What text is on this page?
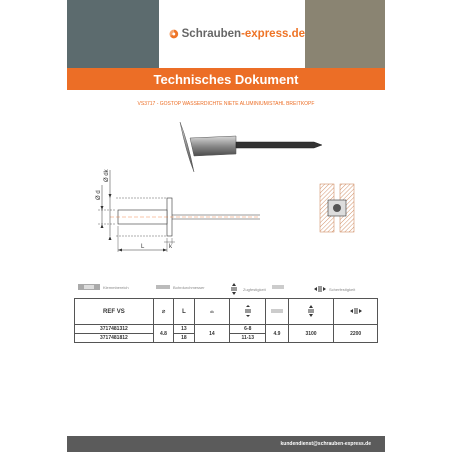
Schrauben-express.de
Technisches Dokument
VS3717 - GOSTOP WASSERDICHTE NIETE ALUMINIUM/STAHL BREITKOPF
Ø dk
Ø d
k
L
Klemmbereich	Bohrdurchmesser	Zugfestigkeit	Scherfestigkeit
REF VS	⌀	L	dk				
3717481312	4.8	13	14	6-8	4.9	3100	2200
3717481812		18		11-13			
kundendienst@schrauben-express.de
